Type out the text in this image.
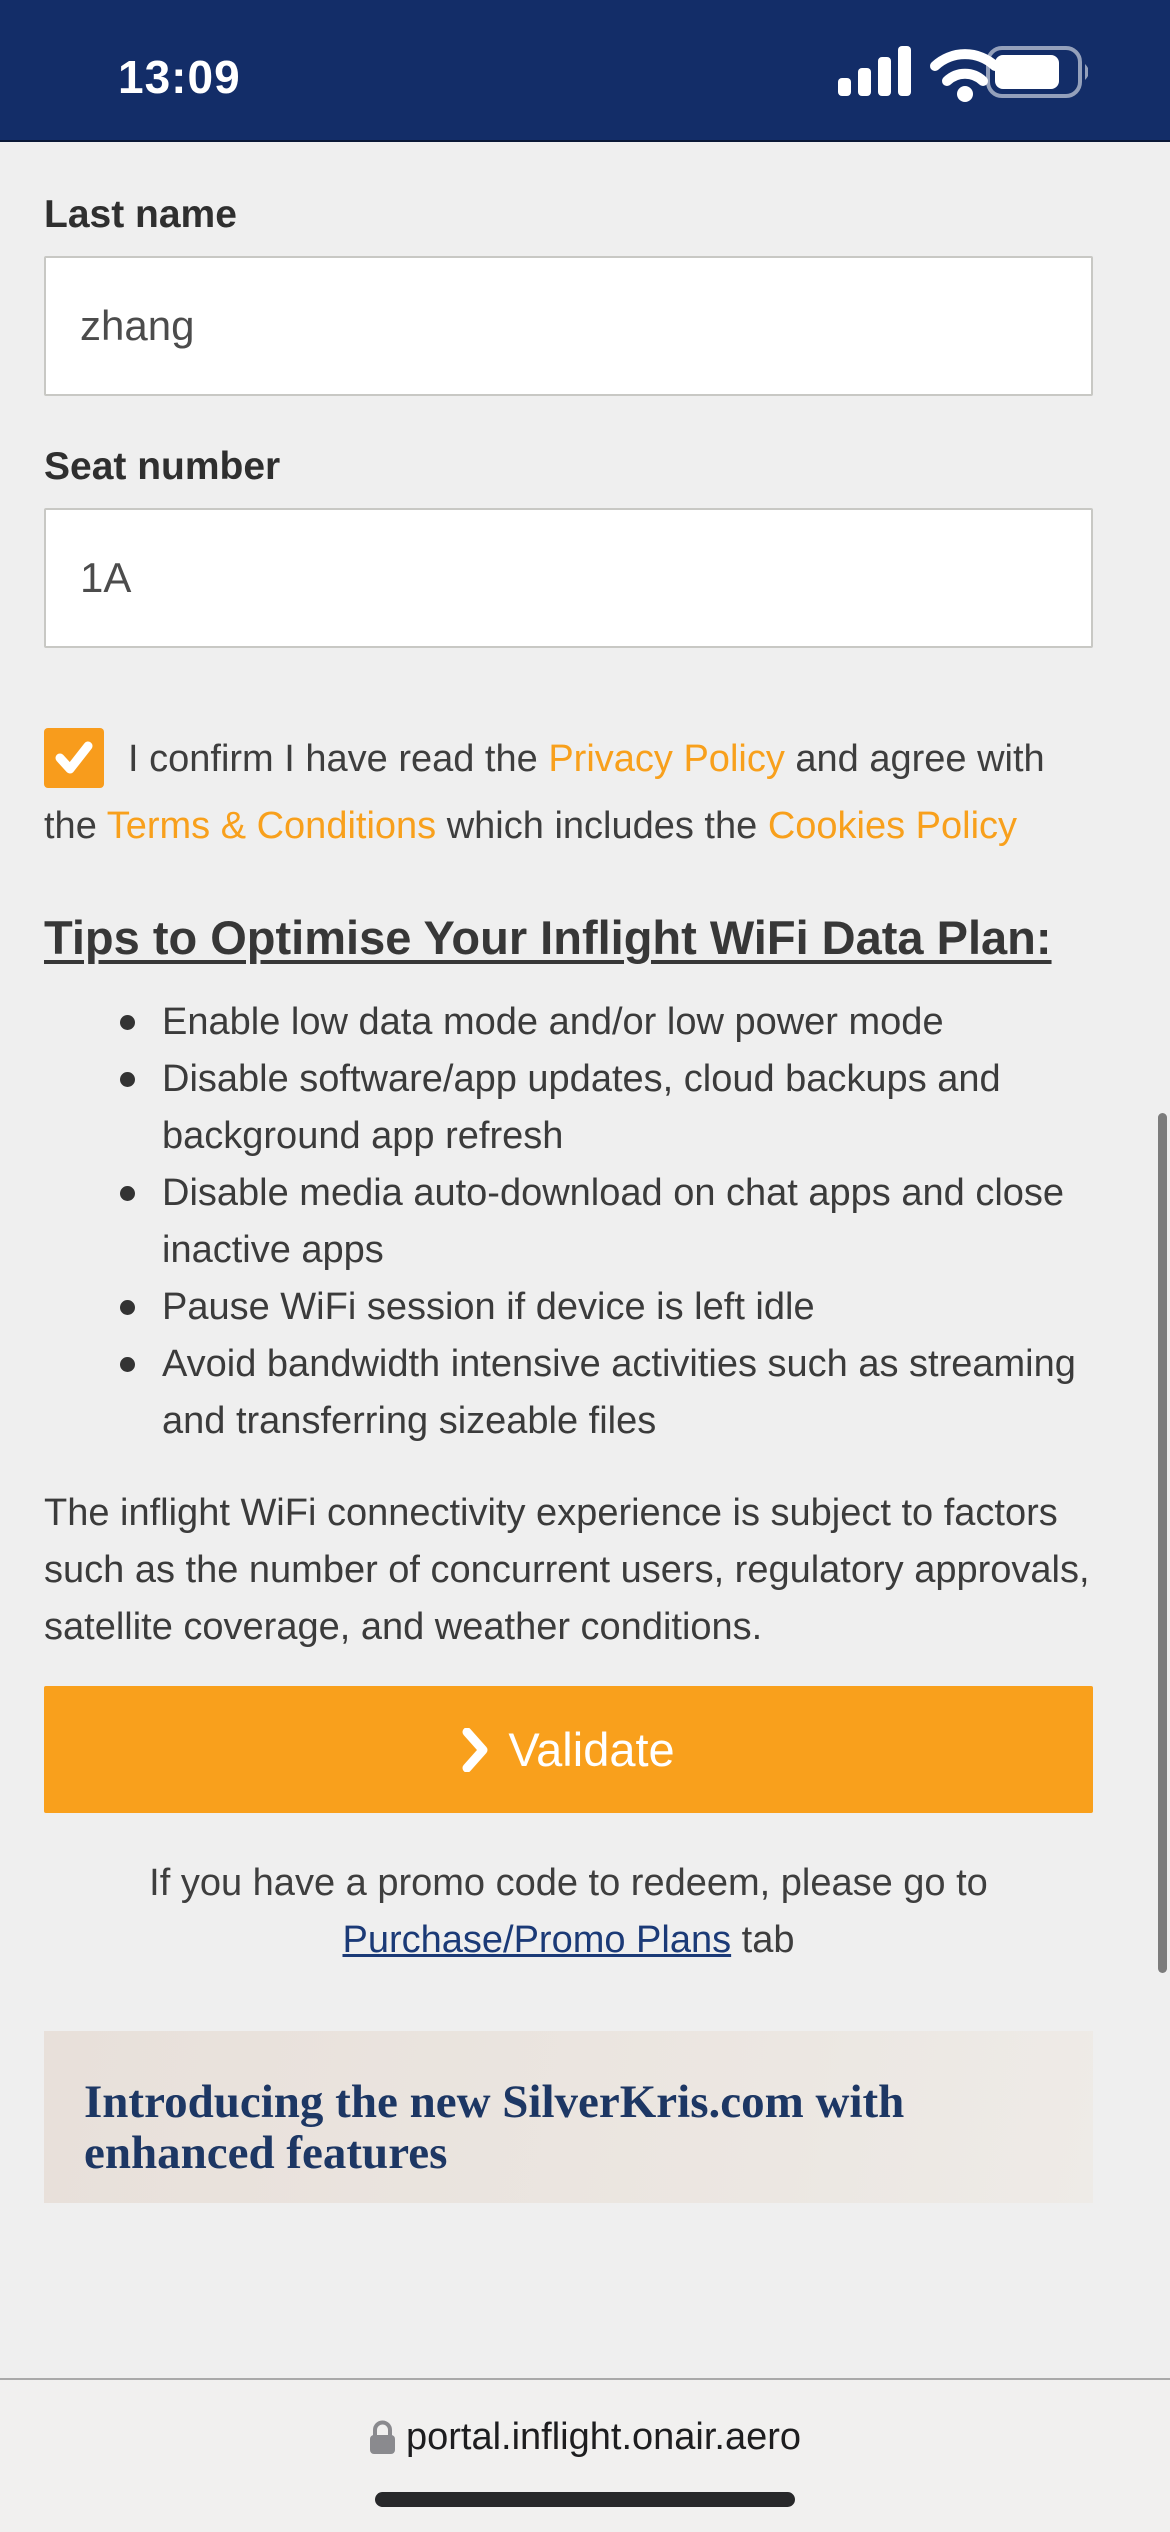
13:09
Last name
zhang
Seat number
1A
I confirm I have read the Privacy Policy and agree with the Terms & Conditions which includes the Cookies Policy
Tips to Optimise Your Inflight WiFi Data Plan:
Enable low data mode and/or low power mode
Disable software/app updates, cloud backups and background app refresh
Disable media auto-download on chat apps and close inactive apps
Pause WiFi session if device is left idle
Avoid bandwidth intensive activities such as streaming and transferring sizeable files
The inflight WiFi connectivity experience is subject to factors such as the number of concurrent users, regulatory approvals, satellite coverage, and weather conditions.
Validate
If you have a promo code to redeem, please go to Purchase/Promo Plans tab
Introducing the new SilverKris.com with enhanced features
portal.inflight.onair.aero
